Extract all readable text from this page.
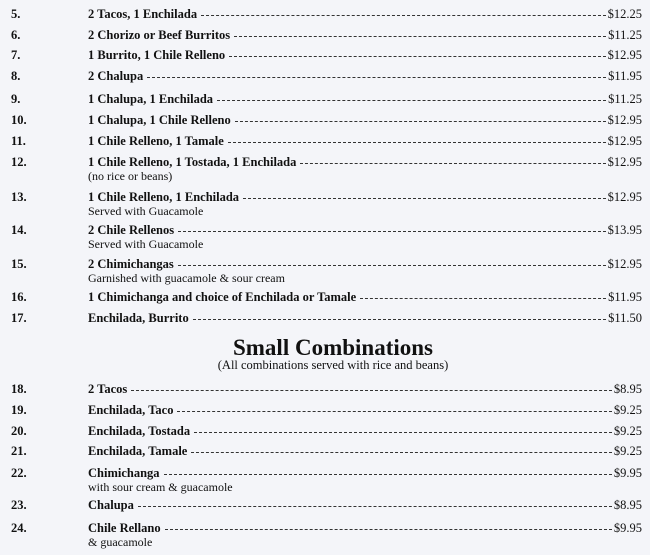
5.	2 Tacos, 1 Enchilada	$12.25
6.	2 Chorizo or Beef Burritos	$11.25
7.	1 Burrito, 1 Chile Relleno	$12.95
8.	2 Chalupa	$11.95
9.	1 Chalupa, 1 Enchilada	$11.25
10.	1 Chalupa, 1 Chile Relleno	$12.95
11.	1 Chile Relleno, 1 Tamale	$12.95
12.	1 Chile Relleno, 1 Tostada, 1 Enchilada	$12.95
(no rice or beans)
13.	1 Chile Relleno, 1 Enchilada	$12.95
Served with Guacamole
14.	2 Chile Rellenos	$13.95
Served with Guacamole
15.	2 Chimichangas	$12.95
Garnished with guacamole & sour cream
16.	1 Chimichanga and choice of Enchilada or Tamale	$11.95
17.	Enchilada, Burrito	$11.50
Small Combinations
(All combinations served with rice and beans)
18.	2 Tacos	$8.95
19.	Enchilada, Taco	$9.25
20.	Enchilada, Tostada	$9.25
21.	Enchilada, Tamale	$9.25
22.	Chimichanga	$9.95
with sour cream & guacamole
23.	Chalupa	$8.95
24.	Chile Rellano	$9.95
& guacamole
